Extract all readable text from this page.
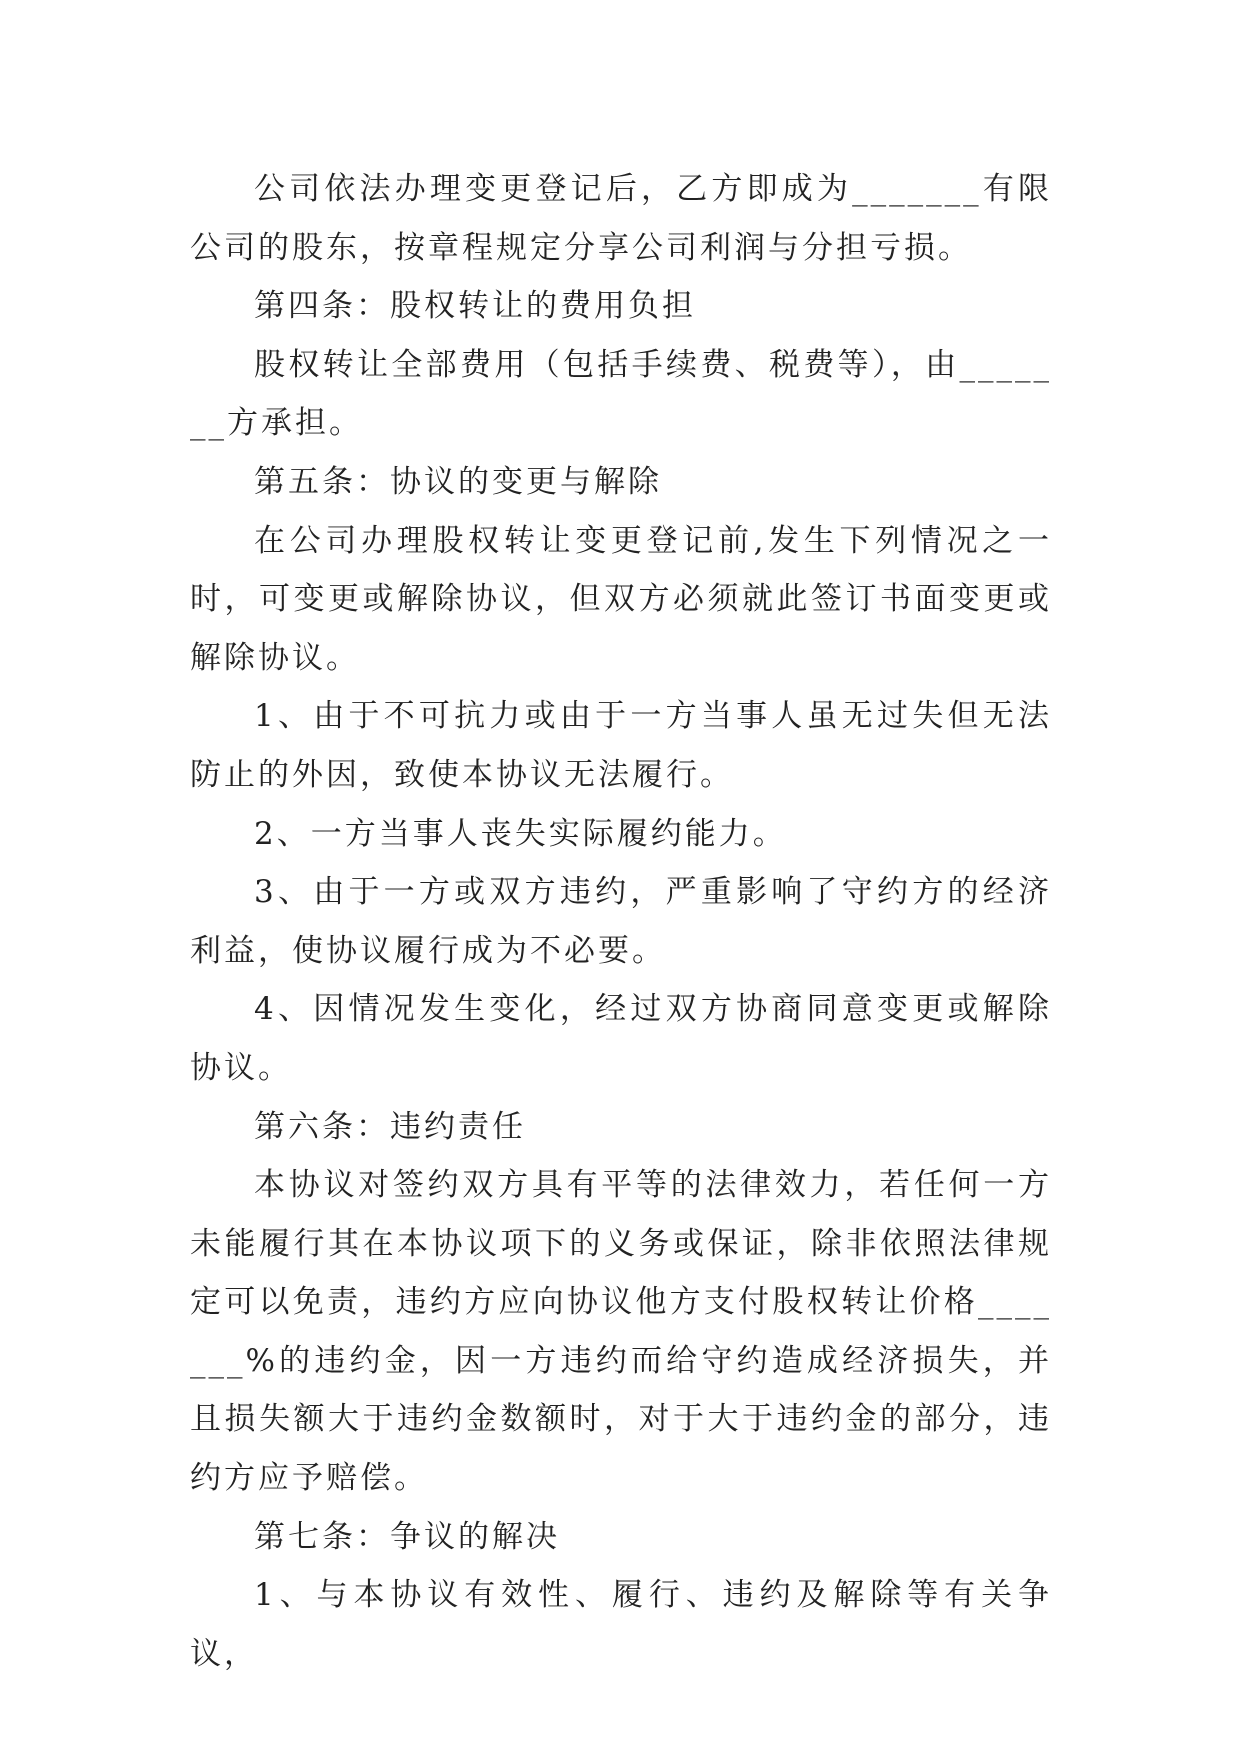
公司依法办理变更登记后，乙方即成为_______有限公司的股东，按章程规定分享公司利润与分担亏损。

第四条：股权转让的费用负担

股权转让全部费用（包括手续费、税费等），由_______方承担。

第五条：协议的变更与解除

在公司办理股权转让变更登记前,发生下列情况之一时，可变更或解除协议，但双方必须就此签订书面变更或解除协议。

1、由于不可抗力或由于一方当事人虽无过失但无法防止的外因，致使本协议无法履行。

2、一方当事人丧失实际履约能力。

3、由于一方或双方违约，严重影响了守约方的经济利益，使协议履行成为不必要。

4、因情况发生变化，经过双方协商同意变更或解除协议。

第六条：违约责任

本协议对签约双方具有平等的法律效力，若任何一方未能履行其在本协议项下的义务或保证，除非依照法律规定可以免责，违约方应向协议他方支付股权转让价格_______%的违约金，因一方违约而给守约造成经济损失，并且损失额大于违约金数额时，对于大于违约金的部分，违约方应予赔偿。

第七条：争议的解决

1、与本协议有效性、履行、违约及解除等有关争议，
